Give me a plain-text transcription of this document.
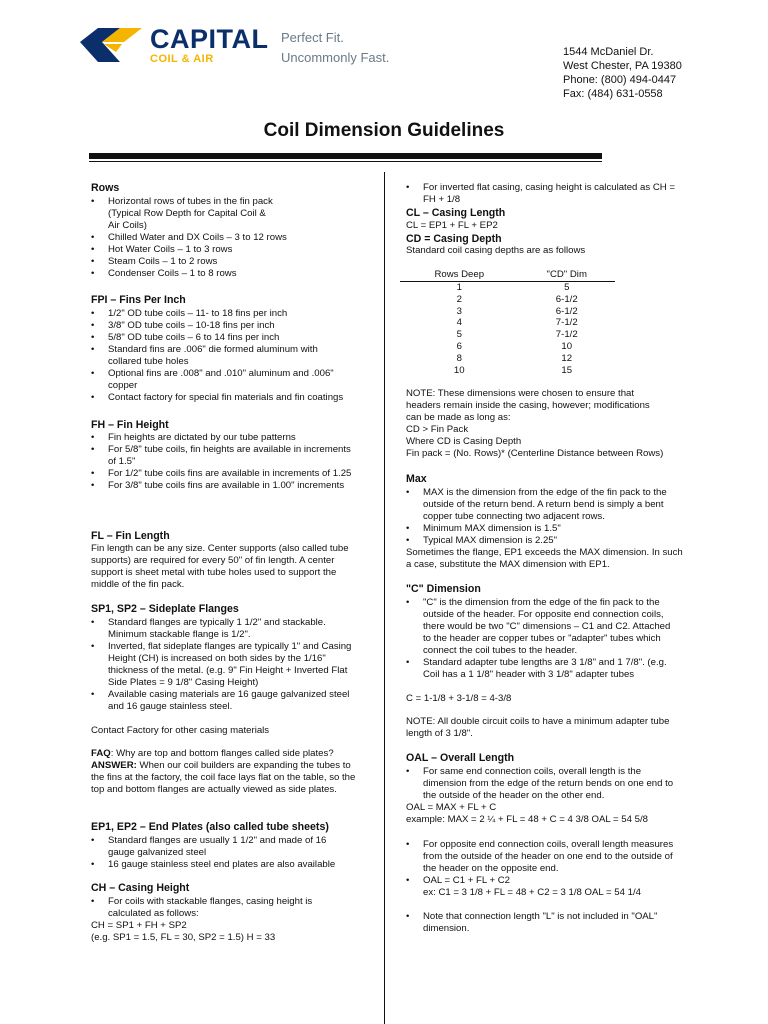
CAPITAL
COIL & AIR
Perfect Fit.
Uncommonly Fast.	1544 McDaniel Dr.
West Chester, PA 19380
Phone: (800) 494-0447
Fax: (484) 631-0558
Coil Dimension Guidelines
Rows
• Horizontal rows of tubes in the fin pack
(Typical Row Depth for Capital Coil &
Air Coils)
• Chilled Water and DX Coils – 3 to 12 rows
• Hot Water Coils – 1 to 3 rows
• Steam Coils – 1 to 2 rows
• Condenser Coils – 1 to 8 rows
FPI – Fins Per Inch
• 1/2" OD tube coils – 11- to 18 fins per inch
• 3/8" OD tube coils – 10-18 fins per inch
• 5/8" OD tube coils – 6 to 14 fins per inch
• Standard fins are .006" die formed aluminum with collared tube holes
• Optional fins are .008" and .010" aluminum and .006" copper
• Contact factory for special fin materials and fin coatings
FH – Fin Height
• Fin heights are dictated by our tube patterns
• For 5/8" tube coils, fin heights are available in increments of 1.5"
• For 1/2" tube coils fins are available in increments of 1.25
• For 3/8" tube coils fins are available in 1.00" increments
FL – Fin Length
Fin length can be any size. Center supports (also called tube supports) are required for every 50" of fin length. A center support is sheet metal with tube holes used to support the middle of the fin pack.
SP1, SP2 – Sideplate Flanges
• Standard flanges are typically 1 1/2" and stackable. Minimum stackable flange is 1/2".
• Inverted, flat sideplate flanges are typically 1" and Casing Height (CH) is increased on both sides by the 1/16" thickness of the metal. (e.g. 9" Fin Height + Inverted Flat Side Plates = 9 1/8" Casing Height)
• Available casing materials are 16 gauge galvanized steel and 16 gauge stainless steel.
Contact Factory for other casing materials
FAQ: Why are top and bottom flanges called side plates? ANSWER: When our coil builders are expanding the tubes to the fins at the factory, the coil face lays flat on the table, so the top and bottom flanges are actually viewed as side plates.
EP1, EP2 – End Plates (also called tube sheets)
• Standard flanges are usually 1 1/2" and made of 16 gauge galvanized steel
• 16 gauge stainless steel end plates are also available
CH – Casing Height
• For coils with stackable flanges, casing height is calculated as follows:
CH = SP1 + FH + SP2
(e.g. SP1 = 1.5, FL = 30, SP2 = 1.5) H = 33
• For inverted flat casing, casing height is calculated as CH = FH + 1/8
CL – Casing Length
CL = EP1 + FL + EP2
CD = Casing Depth
Standard coil casing depths are as follows
Rows Deep	"CD" Dim
1	5
2	6-1/2
3	6-1/2
4	7-1/2
5	7-1/2
6	10
8	12
10	15
NOTE: These dimensions were chosen to ensure that
headers remain inside the casing, however; modifications
can be made as long as:
CD > Fin Pack
Where CD is Casing Depth
Fin pack = (No. Rows)* (Centerline Distance between Rows)
Max
• MAX is the dimension from the edge of the fin pack to the outside of the return bend. A return bend is simply a bent copper tube connecting two adjacent rows.
• Minimum MAX dimension is 1.5"
• Typical MAX dimension is 2.25"
Sometimes the flange, EP1 exceeds the MAX dimension. In such a case, substitute the MAX dimension with EP1.
"C" Dimension
• "C" is the dimension from the edge of the fin pack to the outside of the header. For opposite end connection coils, there would be two "C" dimensions – C1 and C2. Attached to the header are copper tubes or "adapter" tubes which connect the coil tubes to the header.
• Standard adapter tube lengths are 3 1/8" and 1 7/8". (e.g. Coil has a 1 1/8" header with 3 1/8" adapter tubes
C = 1-1/8 + 3-1/8 = 4-3/8
NOTE: All double circuit coils to have a minimum adapter tube length of 3 1/8".
OAL – Overall Length
• For same end connection coils, overall length is the dimension from the edge of the return bends on one end to the outside of the header on the other end.
OAL = MAX + FL + C
example: MAX = 2 ¼ + FL = 48 + C = 4 3/8 OAL = 54 5/8
• For opposite end connection coils, overall length measures from the outside of the header on one end to the outside of the header on the opposite end.
• OAL = C1 + FL + C2
ex: C1 = 3 1/8 + FL = 48 + C2 = 3 1/8 OAL = 54 1/4
• Note that connection length "L" is not included in "OAL" dimension.
